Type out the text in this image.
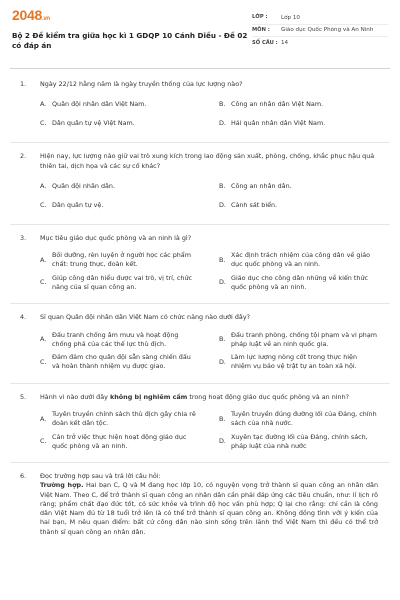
2048.vn
Bộ 2 Đề kiểm tra giữa học kì 1 GDQP 10 Cánh Diều - Đề 02 có đáp án
LỚP :	Lớp 10
MÔN :	Giáo dục Quốc Phòng và An Ninh
SỐ CÂU : 14
1. Ngày 22/12 hằng năm là ngày truyền thống của lực lượng nào?
A. Quân đội nhân dân Việt Nam.	B. Công an nhân dân Việt Nam.
C. Dân quân tự vệ Việt Nam.	D. Hải quân nhân dân Việt Nam.
2. Hiện nay, lực lượng nào giữ vai trò xung kích trong lao động sản xuất, phòng, chống, khắc phục hậu quả thiên tai, dịch họa và các sự cố khác?
A. Quân đội nhân dân.	B. Công an nhân dân.
C. Dân quân tự vệ.	D. Cảnh sát biển.
3. Mục tiêu giáo dục quốc phòng và an ninh là gì?
A.
Bồi dưỡng, rèn luyện ở người học các phẩm chất: trung thực, đoàn kết.
B.
Xác định trách nhiệm của công dân về giáo dục quốc phòng và an ninh.
C.
Giúp công dân hiểu được vai trò, vị trí, chức năng của sĩ quan công an.
D.
Giáo dục cho công dân những về kiến thức quốc phòng và an ninh.
4. Sĩ quan Quân đội nhân dân Việt Nam có chức năng nào dưới đây?
A.
Đấu tranh chống âm mưu và hoạt động chống phá của các thế lực thù địch.
B.
Đấu tranh phòng, chống tội phạm và vi phạm pháp luật về an ninh quốc gia.
C.
Đảm đảm cho quân đội sẵn sàng chiến đấu và hoàn thành nhiệm vụ được giao.
D.
Làm lực lượng nòng cốt trong thực hiện nhiệm vụ bảo vệ trật tự an toàn xã hội.
5. Hành vi nào dưới đây không bị nghiêm cấm trong hoạt động giáo dục quốc phòng và an ninh?
A.
Tuyên truyền chính sách thù địch gây chia rẽ đoàn kết dân tộc.
B.
Tuyên truyền đúng đường lối của Đảng, chính sách của nhà nước.
C.
Cản trở việc thực hiện hoạt động giáo dục quốc phòng và an ninh.
D.
Xuyên tạc đường lối của Đảng, chính sách, pháp luật của nhà nước
6. Đọc trường hợp sau và trả lời câu hỏi:
Trường hợp. Hai bạn C, Q và M đang học lớp 10, có nguyện vọng trở thành sĩ quan công an nhân dân Việt Nam. Theo C, để trở thành sĩ quan công an nhân dân cần phải đáp ứng các tiêu chuẩn, như: lí lịch rõ ràng; phẩm chất đạo đức tốt, có sức khỏe và trình độ học vấn phù hợp; Q lại cho rằng: chỉ cần là công dân Việt Nam đủ từ 18 tuổi trở lên là có thể trở thành sĩ quan công an. Không đồng tình với ý kiến của hai bạn, M nêu quan điểm: bất cứ công dân nào sinh sống trên lãnh thổ Việt Nam thì đều có thể trở thành sĩ quan công an nhân dân.
